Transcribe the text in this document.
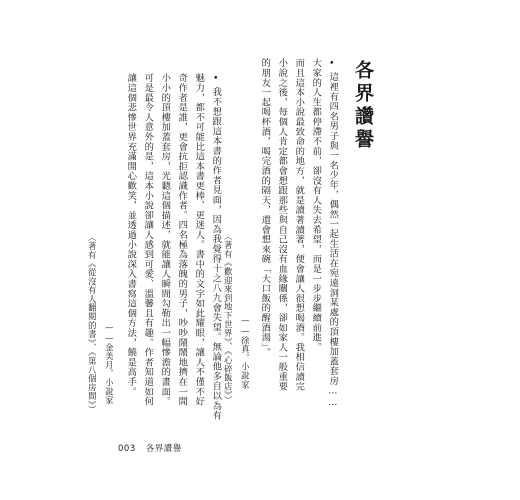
各界讚譽
•
這裡有四名男子與一名少年，偶然一起生活在宛遠洞某處的頂樓加蓋套房……
大家的人生都停滯不前，卻沒有人失去希望，而是一步步繼續前進。
而且這本小說最致命的地方，就是讀著讀著，便會讓人很想喝酒。我相信讀完
小說之後，每個人肯定都會想跟那些與自己沒有血緣關係，卻如家人一般重要
的朋友一起喝杯酒，喝完酒的隔天，還會想來碗「大口飯的醒酒湯」。
——徐真，小說家
（著有《歡迎來到地下世界》、《心碎飯店》）
•
我不想跟這本書的作者見面，因為我覺得十之八九會失望。無論他多自以為有
魅力，都不可能比這本書更棒、更迷人。書中的文字如此耀眼，讓人不僅不好
奇作者是誰，更會抗拒認識作者。四名極為落魄的男子，吵吵鬧鬧地擠在一間
小小的頂樓加蓋套房，光聽這個描述，就能讓人瞬間勾勒出一幅慘澹的畫面。
可是最令人意外的是，這本小說卻讓人感到可愛、溫馨且有趣。作者知道如何
讓這個悲慘世界充滿開心歡笑，並透過小說深入書寫這個方法，饒是高手。
——金美月，小說家
（著有《從沒有人翻閱的書》、《第八個房間》）
003 各界讚譽
